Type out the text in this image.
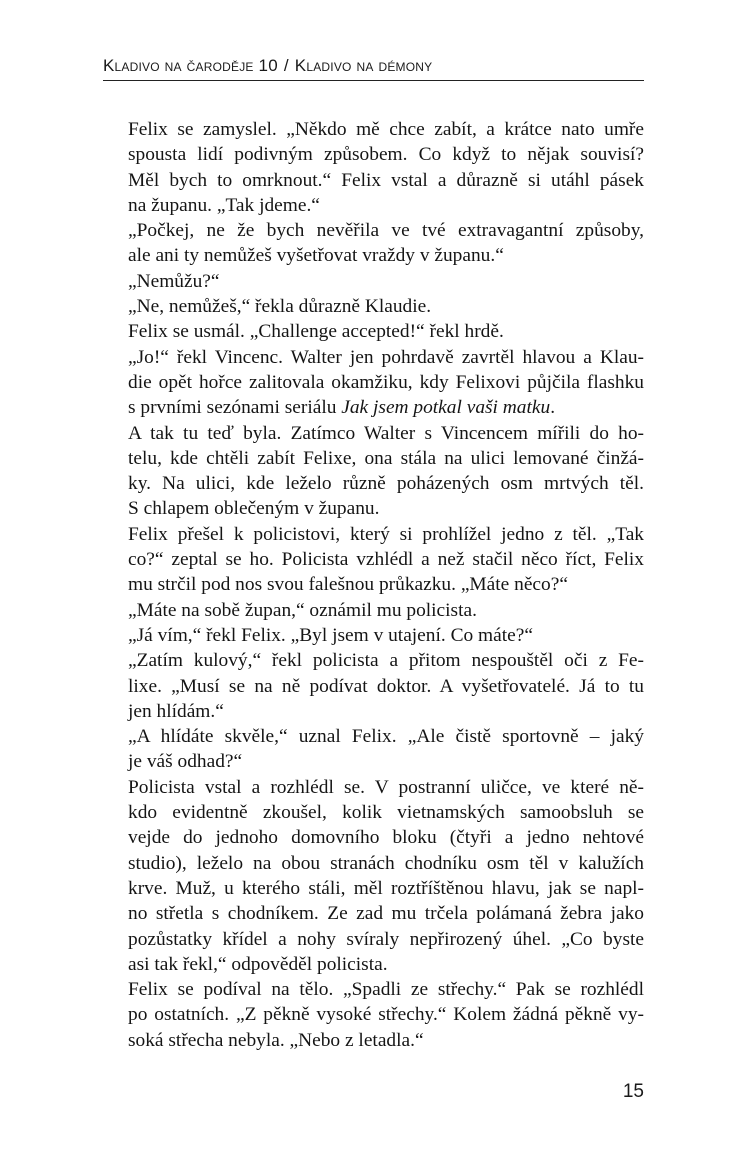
Kladivo na čaroděje 10 / Kladivo na démony

Felix se zamyslel. „Někdo mě chce zabít, a krátce nato umře
spousta lidí podivným způsobem. Co když to nějak souvisí?
Měl bych to omrknout.“ Felix vstal a důrazně si utáhl pásek
na županu. „Tak jdeme.“

„Počkej, ne že bych nevěřila ve tvé extravagantní způsoby,
ale ani ty nemůžeš vyšetřovat vraždy v županu.“

„Nemůžu?“

„Ne, nemůžeš,“ řekla důrazně Klaudie.

Felix se usmál. „Challenge accepted!“ řekl hrdě.

„Jo!“ řekl Vincenc. Walter jen pohrdavě zavrtěl hlavou a Klau-
die opět hořce zalitovala okamžiku, kdy Felixovi půjčila flashku
s prvními sezónami seriálu Jak jsem potkal vaši matku.

A tak tu teď byla. Zatímco Walter s Vincencem mířili do ho-
telu, kde chtěli zabít Felixe, ona stála na ulici lemované činžá-
ky. Na ulici, kde leželo různě poházených osm mrtvých těl.
S chlapem oblečeným v županu.

Felix přešel k policistovi, který si prohlížel jedno z těl. „Tak
co?“ zeptal se ho. Policista vzhlédl a než stačil něco říct, Felix
mu strčil pod nos svou falešnou průkazku. „Máte něco?“

„Máte na sobě župan,“ oznámil mu policista.

„Já vím,“ řekl Felix. „Byl jsem v utajení. Co máte?“

„Zatím kulový,“ řekl policista a přitom nespouštěl oči z Fe-
lixe. „Musí se na ně podívat doktor. A vyšetřovatelé. Já to tu
jen hlídám.“

„A hlídáte skvěle,“ uznal Felix. „Ale čistě sportovně – jaký
je váš odhad?“

Policista vstal a rozhlédl se. V postranní uličce, ve které ně-
kdo evidentně zkoušel, kolik vietnamských samoobsluh se
vejde do jednoho domovního bloku (čtyři a jedno nehtové
studio), leželo na obou stranách chodníku osm těl v kalužích
krve. Muž, u kterého stáli, měl roztříštěnou hlavu, jak se napl-
no střetla s chodníkem. Ze zad mu trčela polámaná žebra jako
pozůstatky křídel a nohy svíraly nepřirozený úhel. „Co byste
asi tak řekl,“ odpověděl policista.

Felix se podíval na tělo. „Spadli ze střechy.“ Pak se rozhlédl
po ostatních. „Z pěkně vysoké střechy.“ Kolem žádná pěkně vy-
soká střecha nebyla. „Nebo z letadla.“

15
